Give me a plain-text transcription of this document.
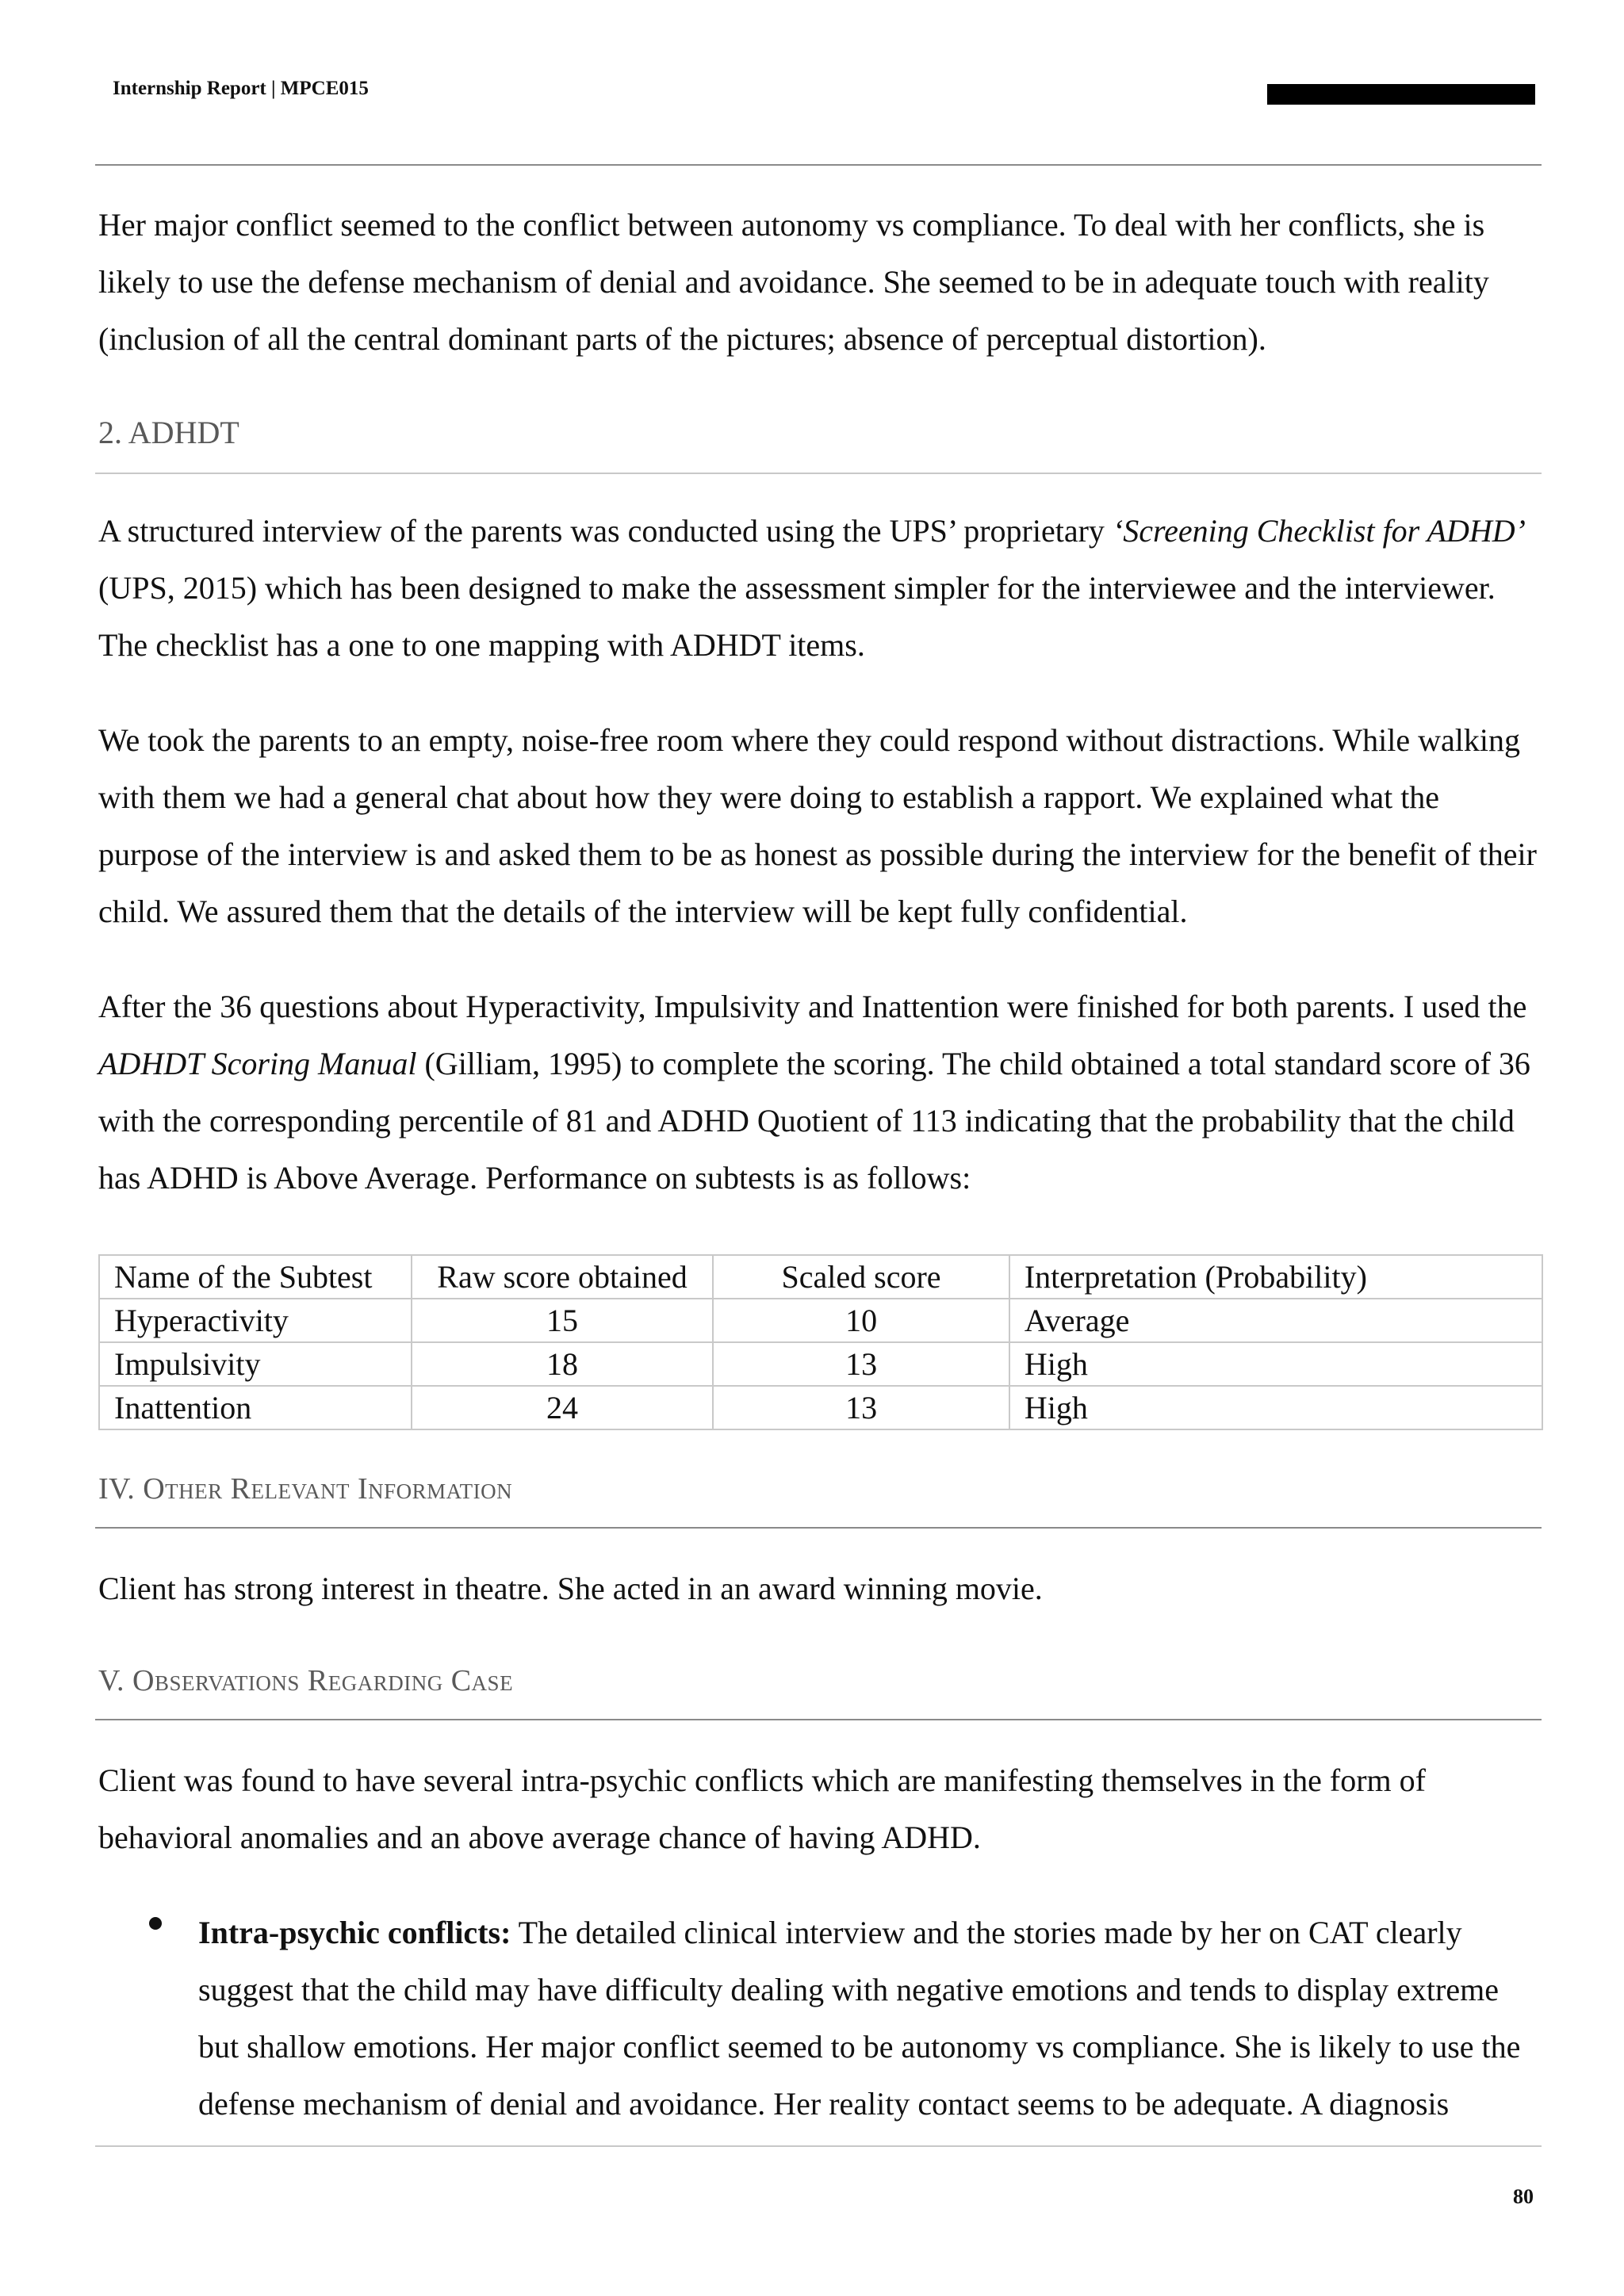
Internship Report | MPCE015

Her major conflict seemed to the conflict between autonomy vs compliance. To deal with her conflicts, she is likely to use the defense mechanism of denial and avoidance. She seemed to be in adequate touch with reality (inclusion of all the central dominant parts of the pictures; absence of perceptual distortion).

2. ADHDT

A structured interview of the parents was conducted using the UPS’ proprietary ‘Screening Checklist for ADHD’ (UPS, 2015) which has been designed to make the assessment simpler for the interviewee and the interviewer. The checklist has a one to one mapping with ADHDT items.

We took the parents to an empty, noise-free room where they could respond without distractions. While walking with them we had a general chat about how they were doing to establish a rapport. We explained what the purpose of the interview is and asked them to be as honest as possible during the interview for the benefit of their child. We assured them that the details of the interview will be kept fully confidential.

After the 36 questions about Hyperactivity, Impulsivity and Inattention were finished for both parents. I used the ADHDT Scoring Manual (Gilliam, 1995) to complete the scoring. The child obtained a total standard score of 36 with the corresponding percentile of 81 and ADHD Quotient of 113 indicating that the probability that the child has ADHD is Above Average. Performance on subtests is as follows:

Name of the Subtest	Raw score obtained	Scaled score	Interpretation (Probability)
Hyperactivity	15	10	Average
Impulsivity	18	13	High
Inattention	24	13	High
IV. Other Relevant Information

Client has strong interest in theatre. She acted in an award winning movie.

V. Observations Regarding Case

Client was found to have several intra-psychic conflicts which are manifesting themselves in the form of behavioral anomalies and an above average chance of having ADHD.

Intra-psychic conflicts: The detailed clinical interview and the stories made by her on CAT clearly suggest that the child may have difficulty dealing with negative emotions and tends to display extreme but shallow emotions. Her major conflict seemed to be autonomy vs compliance. She is likely to use the defense mechanism of denial and avoidance. Her reality contact seems to be adequate. A diagnosis

80
